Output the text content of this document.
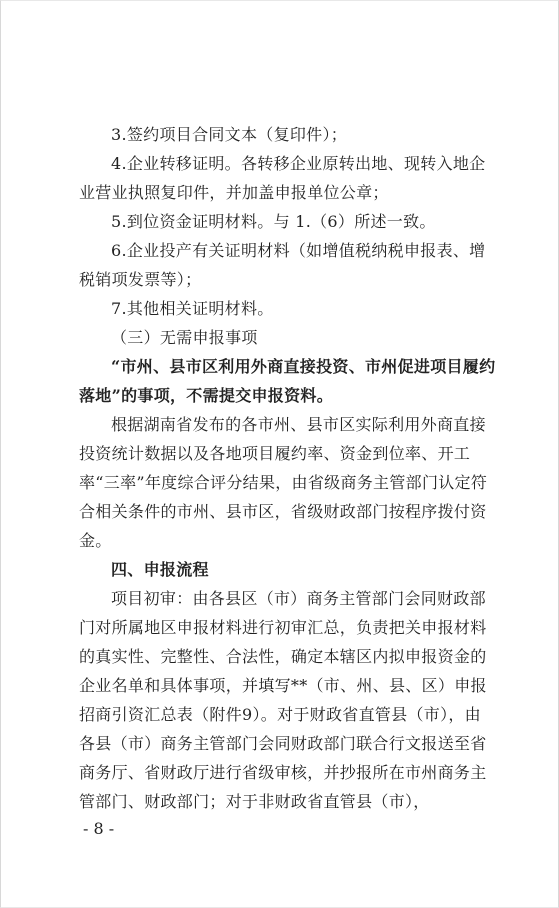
3.签约项目合同文本（复印件）；

4.企业转移证明。各转移企业原转出地、现转入地企业营业执照复印件，并加盖申报单位公章；

5.到位资金证明材料。与 1.（6）所述一致。

6.企业投产有关证明材料（如增值税纳税申报表、增税销项发票等）；

7.其他相关证明材料。

（三）无需申报事项

“市州、县市区利用外商直接投资、市州促进项目履约落地”的事项，不需提交申报资料。

根据湖南省发布的各市州、县市区实际利用外商直接投资统计数据以及各地项目履约率、资金到位率、开工率“三率”年度综合评分结果，由省级商务主管部门认定符合相关条件的市州、县市区，省级财政部门按程序拨付资金。

四、申报流程

项目初审：由各县区（市）商务主管部门会同财政部门对所属地区申报材料进行初审汇总，负责把关申报材料的真实性、完整性、合法性，确定本辖区内拟申报资金的企业名单和具体事项，并填写**（市、州、县、区）申报招商引资汇总表（附件9）。对于财政省直管县（市），由各县（市）商务主管部门会同财政部门联合行文报送至省商务厅、省财政厅进行省级审核，并抄报所在市州商务主管部门、财政部门；对于非财政省直管县（市），

- 8 -
